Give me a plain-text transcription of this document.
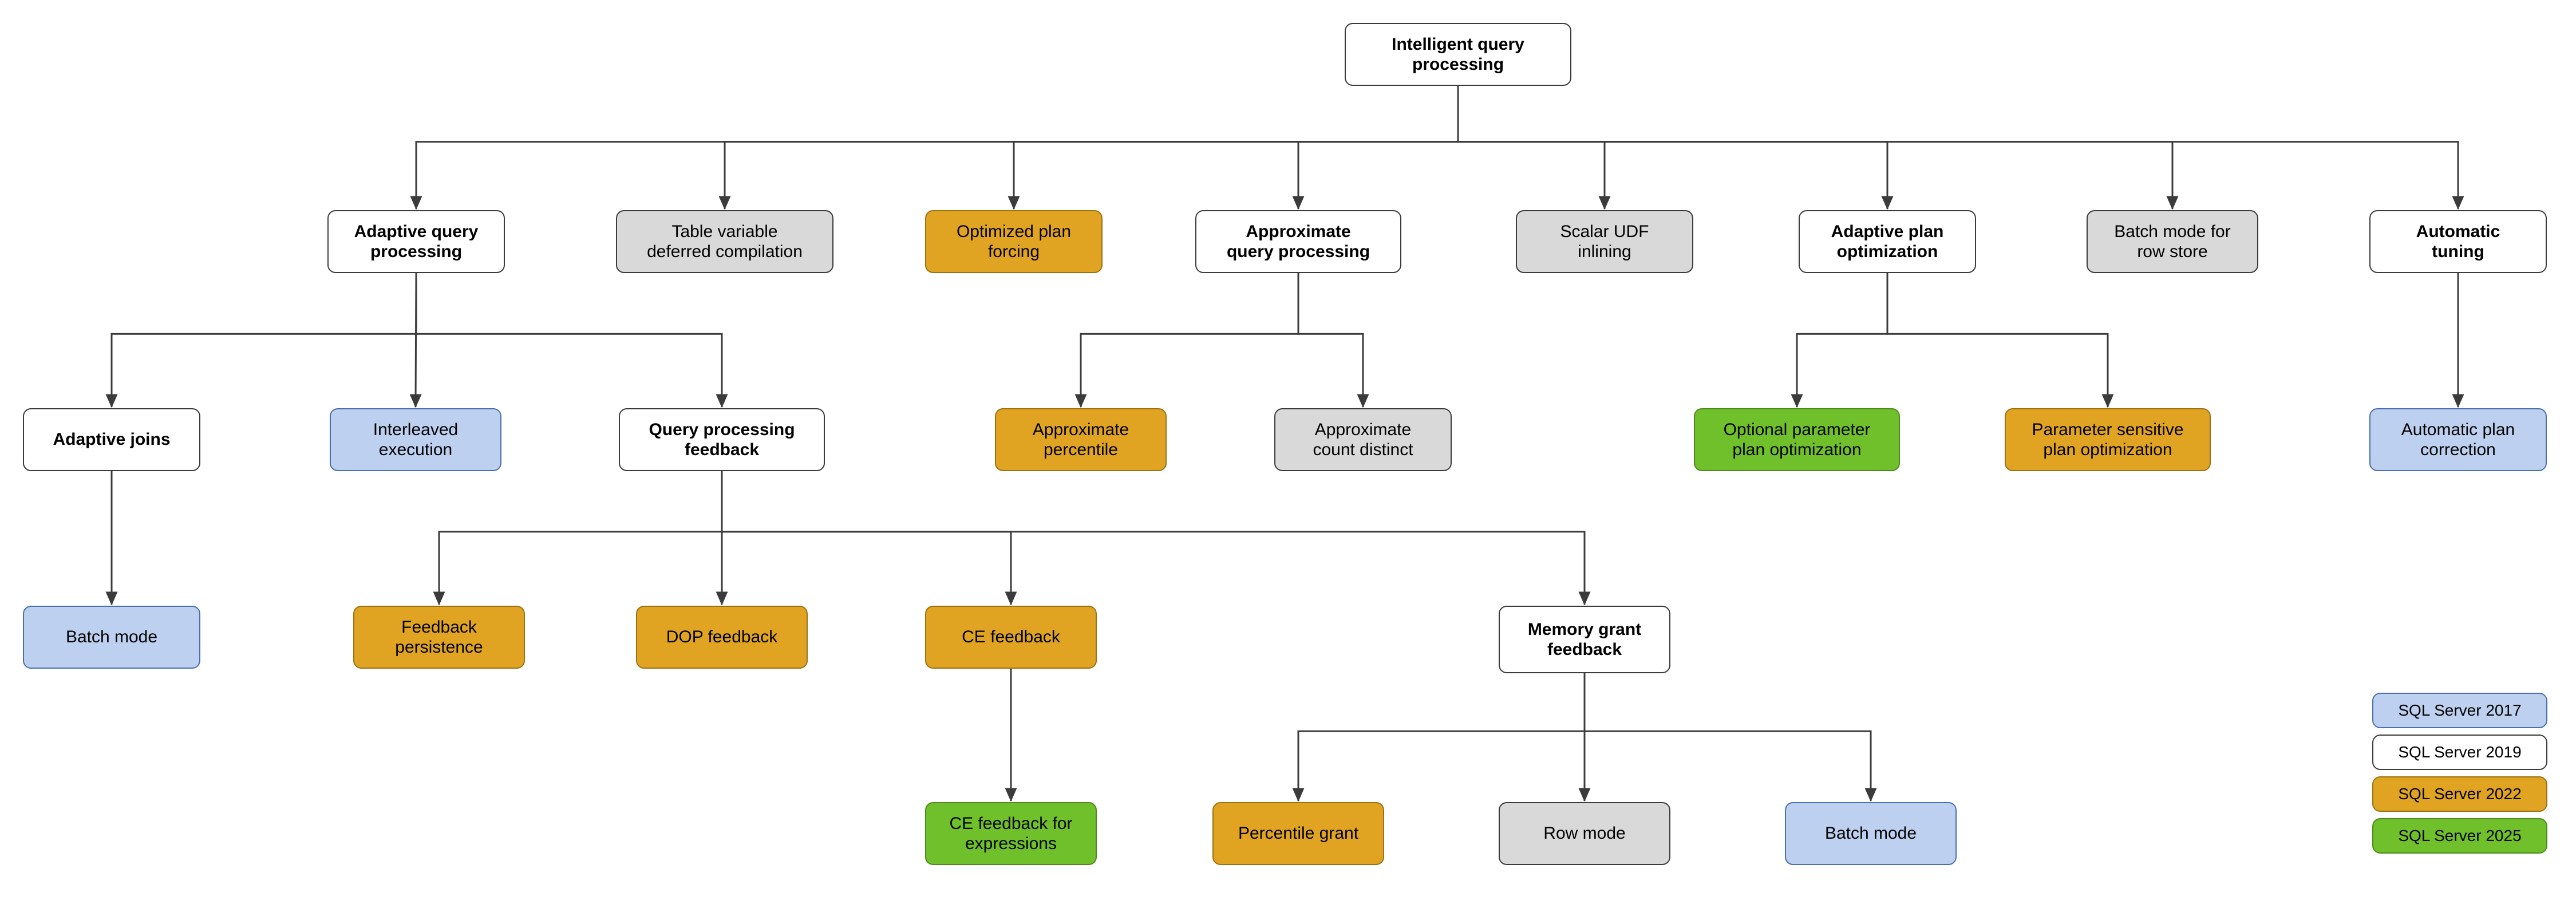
Intelligent query
processing
Adaptive query
processing
Table variable
deferred compilation
Optimized plan
forcing
Approximate
query processing
Scalar UDF
inlining
Adaptive plan
optimization
Batch mode for
row store
Automatic
tuning
Adaptive joins
Interleaved
execution
Query processing
feedback
Approximate
percentile
Approximate
count distinct
Optional parameter
plan optimization
Parameter sensitive
plan optimization
Automatic plan
correction
Batch mode
Feedback
persistence
DOP feedback	CE feedback	Memory grant
feedback
CE feedback for
expressions
Percentile grant	Row mode	Batch mode
SQL Server 2017
SQL Server 2019
SQL Server 2022
SQL Server 2025
